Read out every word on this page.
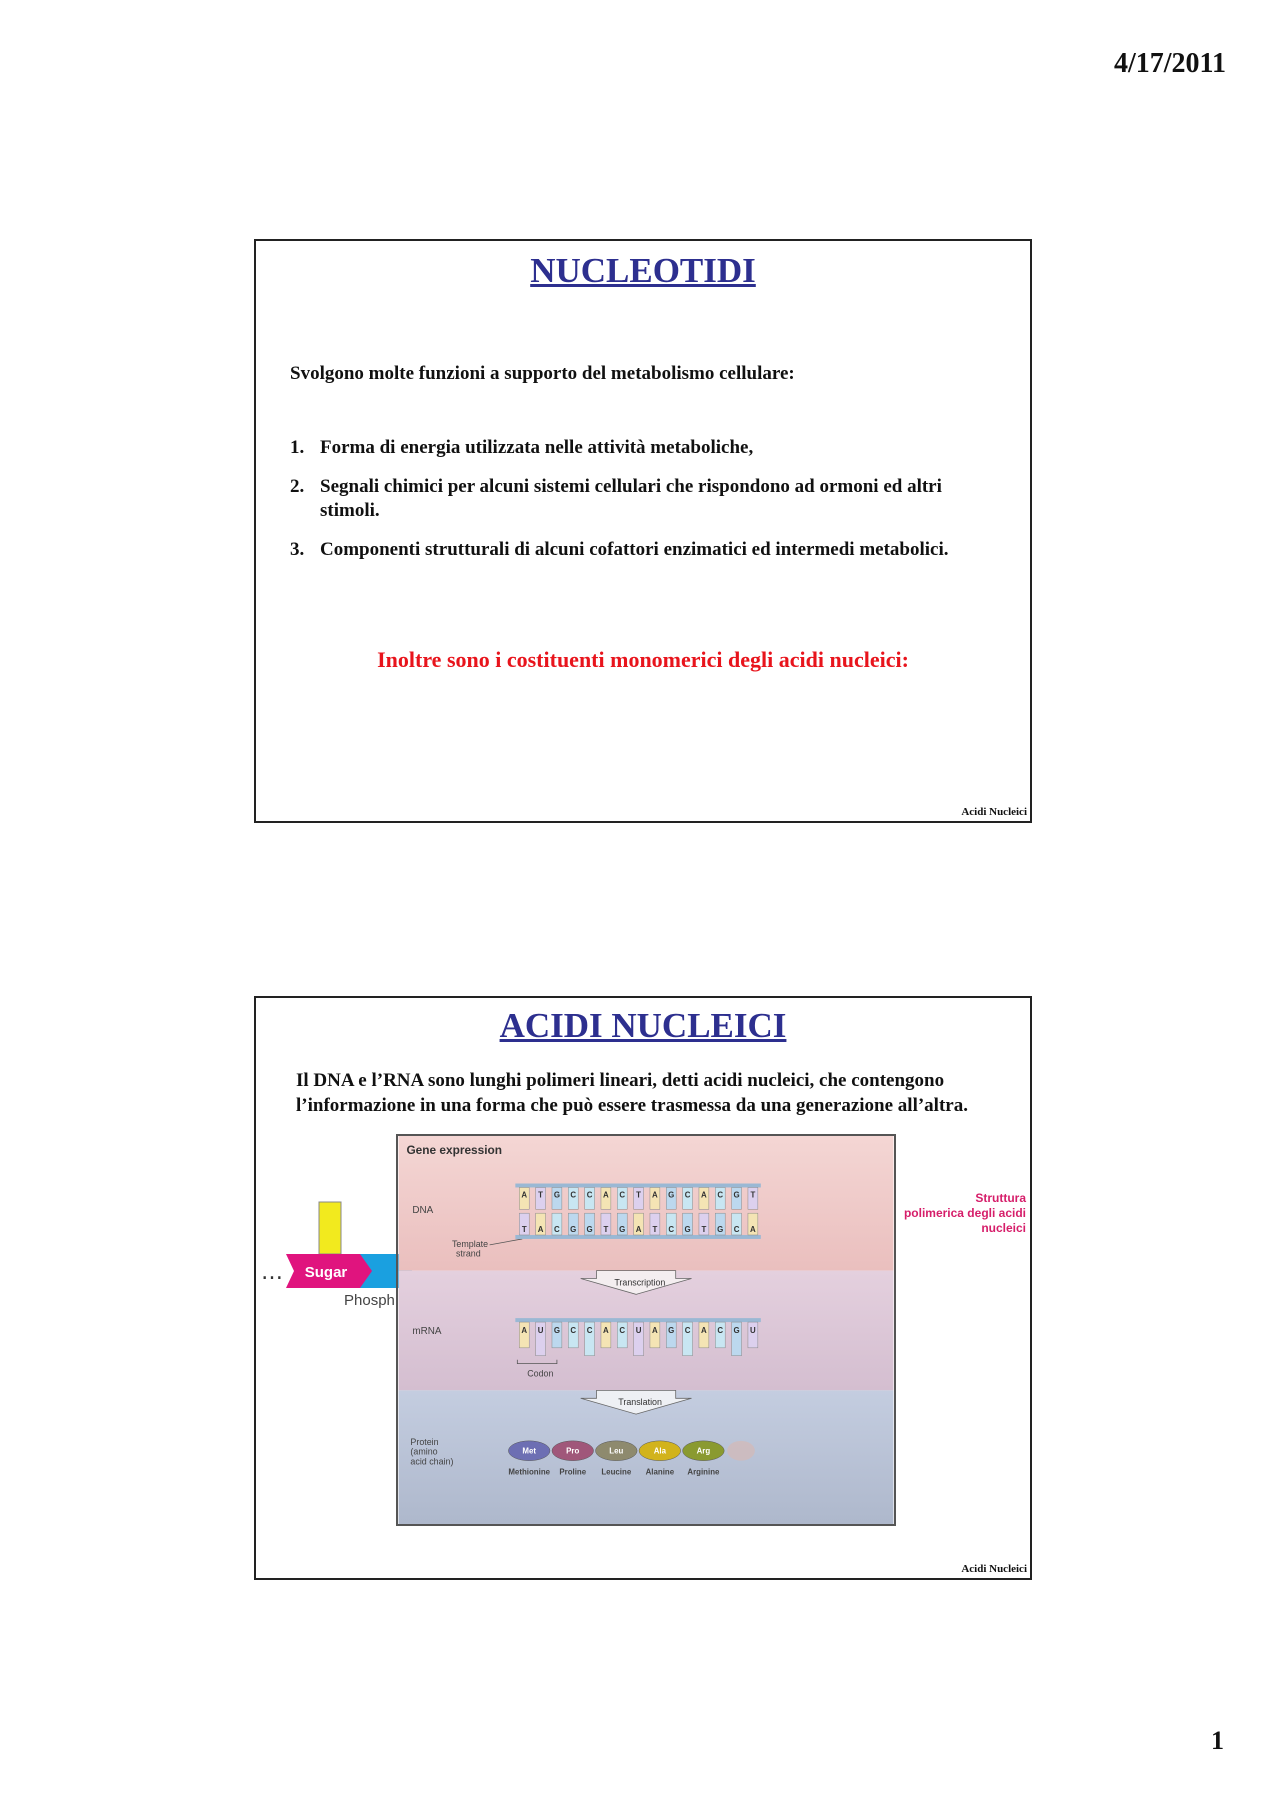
4/17/2011
NUCLEOTIDI
Svolgono molte funzioni a supporto del metabolismo cellulare:
1. Forma di energia utilizzata nelle attività metaboliche,
2. Segnali chimici per alcuni sistemi cellulari che rispondono ad ormoni ed altri stimoli.
3. Componenti strutturali di alcuni cofattori enzimatici ed intermedi metabolici.
Inoltre sono i costituenti monomerici degli acidi nucleici:
Acidi Nucleici
ACIDI NUCLEICI
Il DNA e l’RNA sono lunghi polimeri lineari, detti acidi nucleici, che contengono l’informazione in una forma che può essere trasmessa da una generazione all’altra.
… Sugar
Phosph
Struttura
polimerica degli acidi
nucleici
Gene expression
DNA
Template
strand
A
T
T
A
G
C
C
G
C
G
A
T
C
G
T
A
A
T
G
C
C
G
A
T
C
G
G
C
T
A
Transcription
mRNA	A U G C C A C U A G C A C G U
Codon
Translation
Protein
(amino
acid chain)
Met
Methionine
Pro
Proline
Leu
Leucine
Ala
Alanine
Arg
Arginine
Acidi Nucleici
1
